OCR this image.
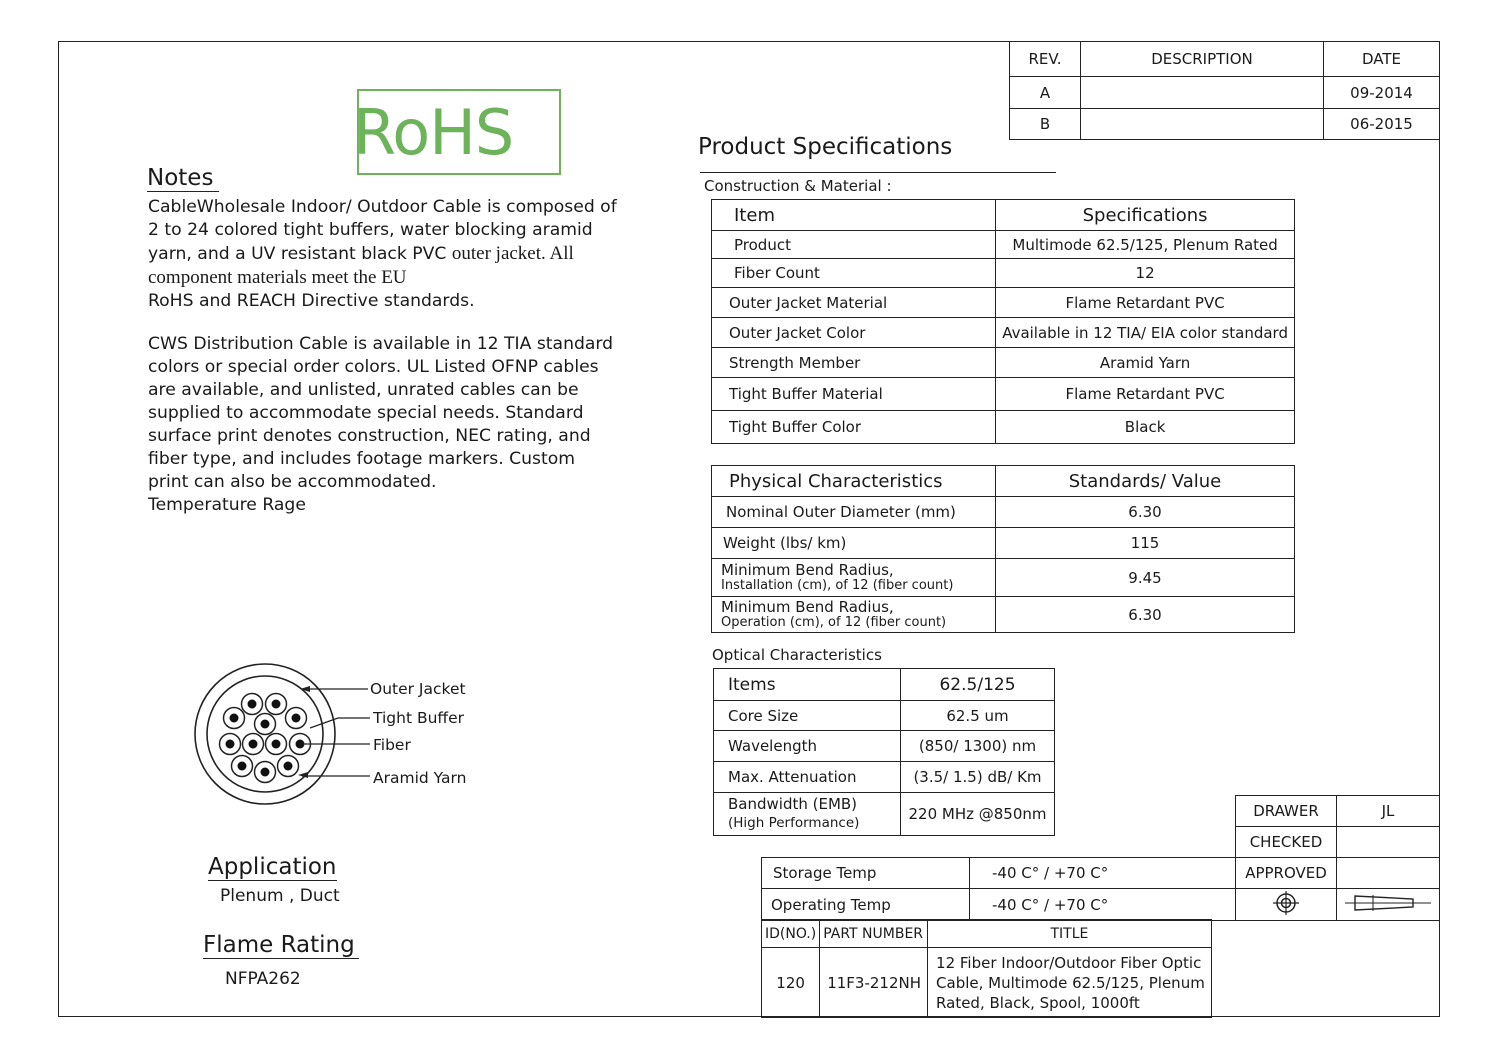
REV.	DESCRIPTION	DATE
A		09-2014
B		06-2015
RoHS
Notes
CableWholesale Indoor/ Outdoor Cable is composed of 2 to 24 colored tight buffers, water blocking aramid yarn, and a UV resistant black PVC outer jacket. All component materials meet the EU
RoHS and REACH Directive standards.
CWS Distribution Cable is available in 12 TIA standard colors or special order colors. UL Listed OFNP cables are available, and unlisted, unrated cables can be supplied to accommodate special needs. Standard surface print denotes construction, NEC rating, and fiber type, and includes footage markers. Custom print can also be accommodated.
Temperature Rage
Product Specifications
Construction & Material :
Item	Specifications
Product	Multimode 62.5/125, Plenum Rated
Fiber Count	12
Outer Jacket Material	Flame Retardant PVC
Outer Jacket Color	Available in 12 TIA/ EIA color standard
Strength Member	Aramid Yarn
Tight Buffer Material	Flame Retardant PVC
Tight Buffer Color	Black
Physical Characteristics	Standards/ Value
Nominal Outer Diameter (mm)	6.30
Weight (lbs/ km)	115

Minimum Bend Radius,
Installation (cm), of 12 (fiber count)	9.45

Minimum Bend Radius,
Operation (cm), of 12 (fiber count)	6.30
Optical Characteristics
Items	62.5/125
Core Size	62.5 um
Wavelength	(850/ 1300) nm
Max. Attenuation	(3.5/ 1.5) dB/ Km

Bandwidth (EMB)
(High Performance)	220 MHz @850nm
Outer Jacket
Tight Buffer
Fiber
Aramid Yarn
Application
Plenum , Duct
Flame Rating
NFPA262
Storage Temp	-40 C° / +70 C°
Operating Temp	-40 C° / +70 C°
DRAWER	JL
CHECKED	
APPROVED	

ID(NO.)	PART NUMBER	TITLE
120	11F3-212NH	12 Fiber Indoor/Outdoor Fiber Optic
Cable, Multimode 62.5/125, Plenum
Rated, Black, Spool, 1000ft
